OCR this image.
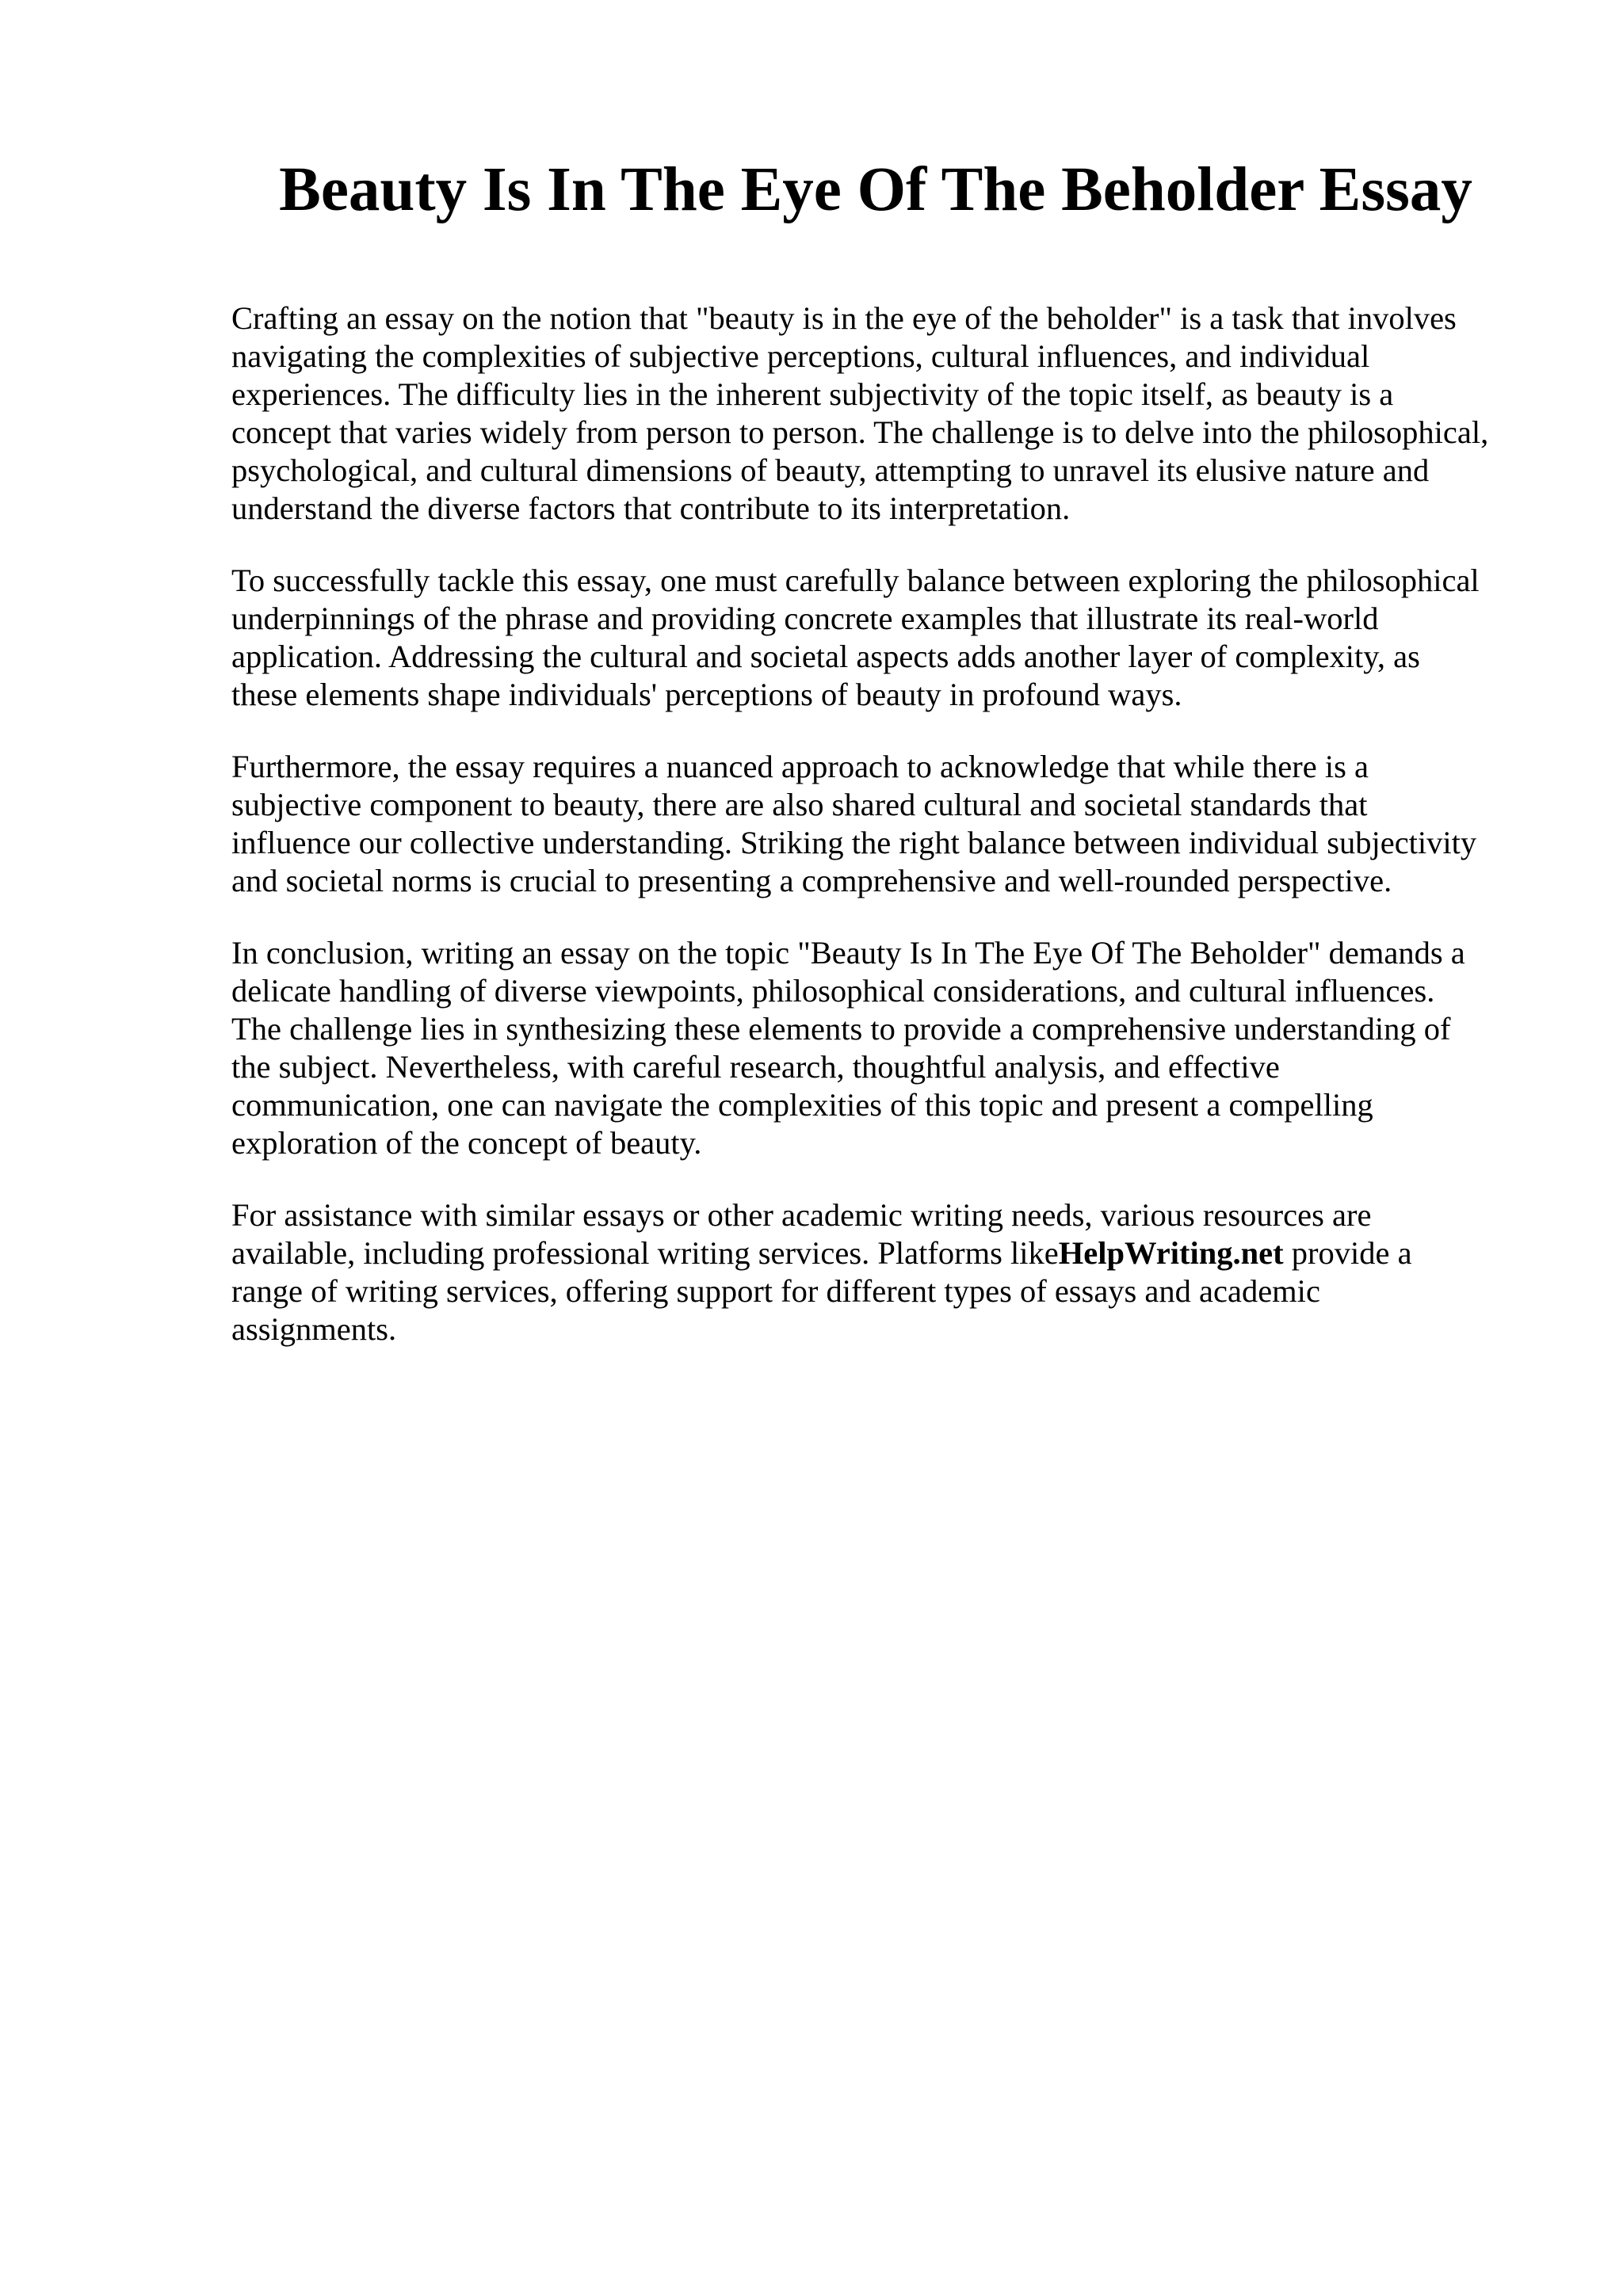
Beauty Is In The Eye Of The Beholder Essay

Crafting an essay on the notion that "beauty is in the eye of the beholder" is a task that involves
navigating the complexities of subjective perceptions, cultural influences, and individual
experiences. The difficulty lies in the inherent subjectivity of the topic itself, as beauty is a
concept that varies widely from person to person. The challenge is to delve into the philosophical,
psychological, and cultural dimensions of beauty, attempting to unravel its elusive nature and
understand the diverse factors that contribute to its interpretation.

To successfully tackle this essay, one must carefully balance between exploring the philosophical
underpinnings of the phrase and providing concrete examples that illustrate its real-world
application. Addressing the cultural and societal aspects adds another layer of complexity, as
these elements shape individuals' perceptions of beauty in profound ways.

Furthermore, the essay requires a nuanced approach to acknowledge that while there is a
subjective component to beauty, there are also shared cultural and societal standards that
influence our collective understanding. Striking the right balance between individual subjectivity
and societal norms is crucial to presenting a comprehensive and well-rounded perspective.

In conclusion, writing an essay on the topic "Beauty Is In The Eye Of The Beholder" demands a
delicate handling of diverse viewpoints, philosophical considerations, and cultural influences.
The challenge lies in synthesizing these elements to provide a comprehensive understanding of
the subject. Nevertheless, with careful research, thoughtful analysis, and effective
communication, one can navigate the complexities of this topic and present a compelling
exploration of the concept of beauty.

For assistance with similar essays or other academic writing needs, various resources are
available, including professional writing services. Platforms likeHelpWriting.net provide a
range of writing services, offering support for different types of essays and academic
assignments.
